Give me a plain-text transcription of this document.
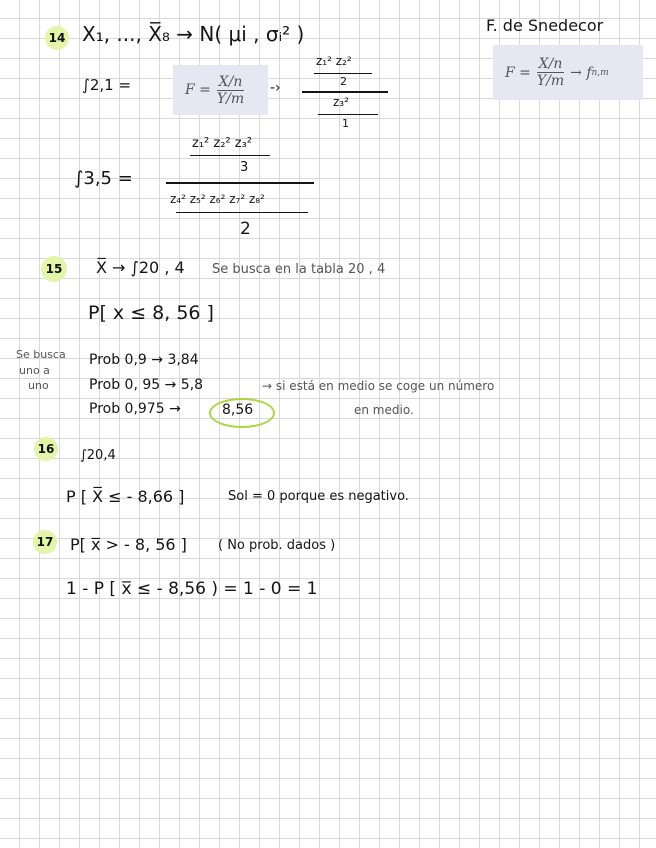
14 X₁, ..., X̅₈ → N( μi , σᵢ² )	F. de Snedecor
$F = \frac{X/n}{Y/m} \to f$ n,m
∫2,1 =	$F = \frac{X/n}{Y/m}$ -›
z₁² z₂²
2
z₃²
1
∫3,5 =
z₁² z₂² z₃²
3
z₄² z₅² z₆² z₇² z₈²
2
15 X̅ → ∫20 , 4 Se busca en la tabla 20 , 4
P[ x ≤ 8, 56 ]
Se busca
uno a
uno
Prob 0,9 → 3,84
Prob 0, 95 → 5,8
Prob 0,975 →	8,56
→ si está en medio se coge un número
en medio.
16 ∫20,4
P [ X̅ ≤ - 8,66 ]	Sol = 0 porque es negativo.
17 P[ x̅ > - 8, 56 ] ( No prob. dados )
1 - P [ x̅ ≤ - 8,56 ) = 1 - 0 = 1
